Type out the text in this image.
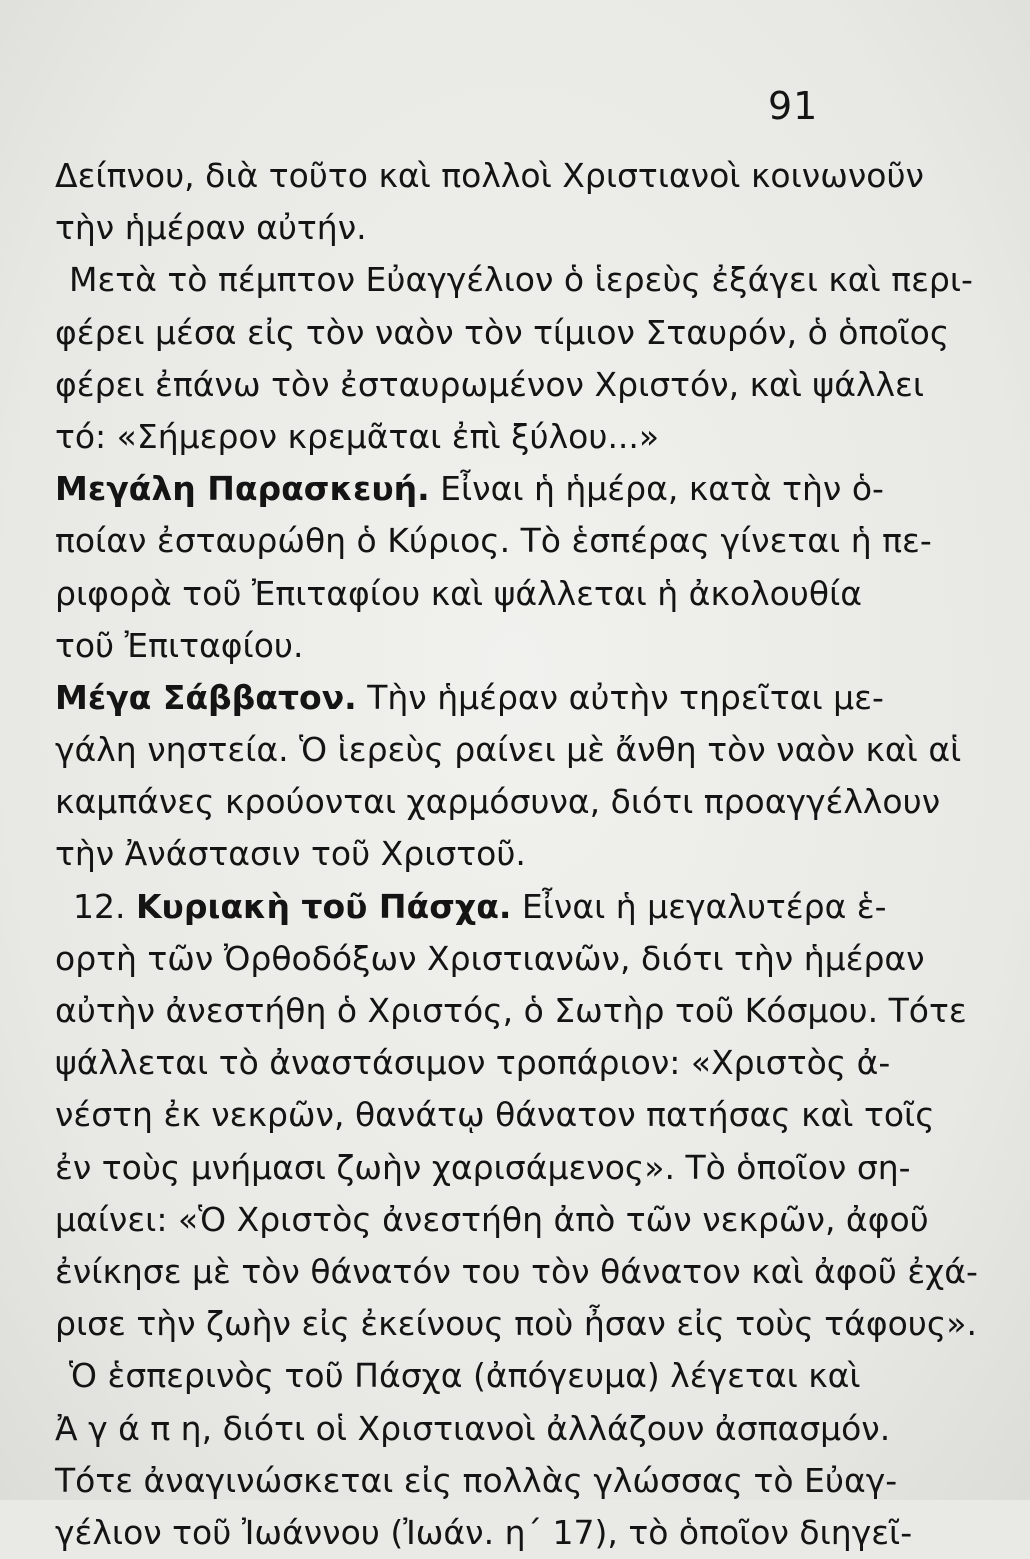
91
Δείπνου, διὰ τοῦτο καὶ πολλοὶ Χριστιανοὶ κοινωνοῦν
τὴν ἡμέραν αὐτήν.
Μετὰ τὸ πέμπτον Εὐαγγέλιον ὁ ἱερεὺς ἐξάγει καὶ περι-
φέρει μέσα εἰς τὸν ναὸν τὸν τίμιον Σταυρόν, ὁ ὁποῖος
φέρει ἐπάνω τὸν ἐσταυρωμένον Χριστόν, καὶ ψάλλει
τό: «Σήμερον κρεμᾶται ἐπὶ ξύλου...»
Μεγάλη Παρασκευή. Εἶναι ἡ ἡμέρα, κατὰ τὴν ὁ-
ποίαν ἐσταυρώθη ὁ Κύριος. Τὸ ἑσπέρας γίνεται ἡ πε-
ριφορὰ τοῦ Ἐπιταφίου καὶ ψάλλεται ἡ ἀκολουθία
τοῦ Ἐπιταφίου.
Μέγα Σάββατον. Τὴν ἡμέραν αὐτὴν τηρεῖται με-
γάλη νηστεία. Ὁ ἱερεὺς ραίνει μὲ ἄνθη τὸν ναὸν καὶ αἱ
καμπάνες κρούονται χαρμόσυνα, διότι προαγγέλλουν
τὴν Ἀνάστασιν τοῦ Χριστοῦ.
12. Κυριακὴ τοῦ Πάσχα. Εἶναι ἡ μεγαλυτέρα ἑ-
ορτὴ τῶν Ὀρθοδόξων Χριστιανῶν, διότι τὴν ἡμέραν
αὐτὴν ἀνεστήθη ὁ Χριστός, ὁ Σωτὴρ τοῦ Κόσμου. Τότε
ψάλλεται τὸ ἀναστάσιμον τροπάριον: «Χριστὸς ἀ-
νέστη ἐκ νεκρῶν, θανάτῳ θάνατον πατήσας καὶ τοῖς
ἐν τοὺς μνήμασι ζωὴν χαρισάμενος». Τὸ ὁποῖον ση-
μαίνει: «Ὁ Χριστὸς ἀνεστήθη ἀπὸ τῶν νεκρῶν, ἀφοῦ
ἐνίκησε μὲ τὸν θάνατόν του τὸν θάνατον καὶ ἀφοῦ ἐχά-
ρισε τὴν ζωὴν εἰς ἐκείνους ποὺ ἦσαν εἰς τοὺς τάφους».
Ὁ ἑσπερινὸς τοῦ Πάσχα (ἀπόγευμα) λέγεται καὶ
Ἀ γ ά π η, διότι οἱ Χριστιανοὶ ἀλλάζουν ἀσπασμόν.
Τότε ἀναγινώσκεται εἰς πολλὰς γλώσσας τὸ Εὐαγ-
γέλιον τοῦ Ἰωάννου (Ἰωάν. η΄ 17), τὸ ὁποῖον διηγεῖ-
